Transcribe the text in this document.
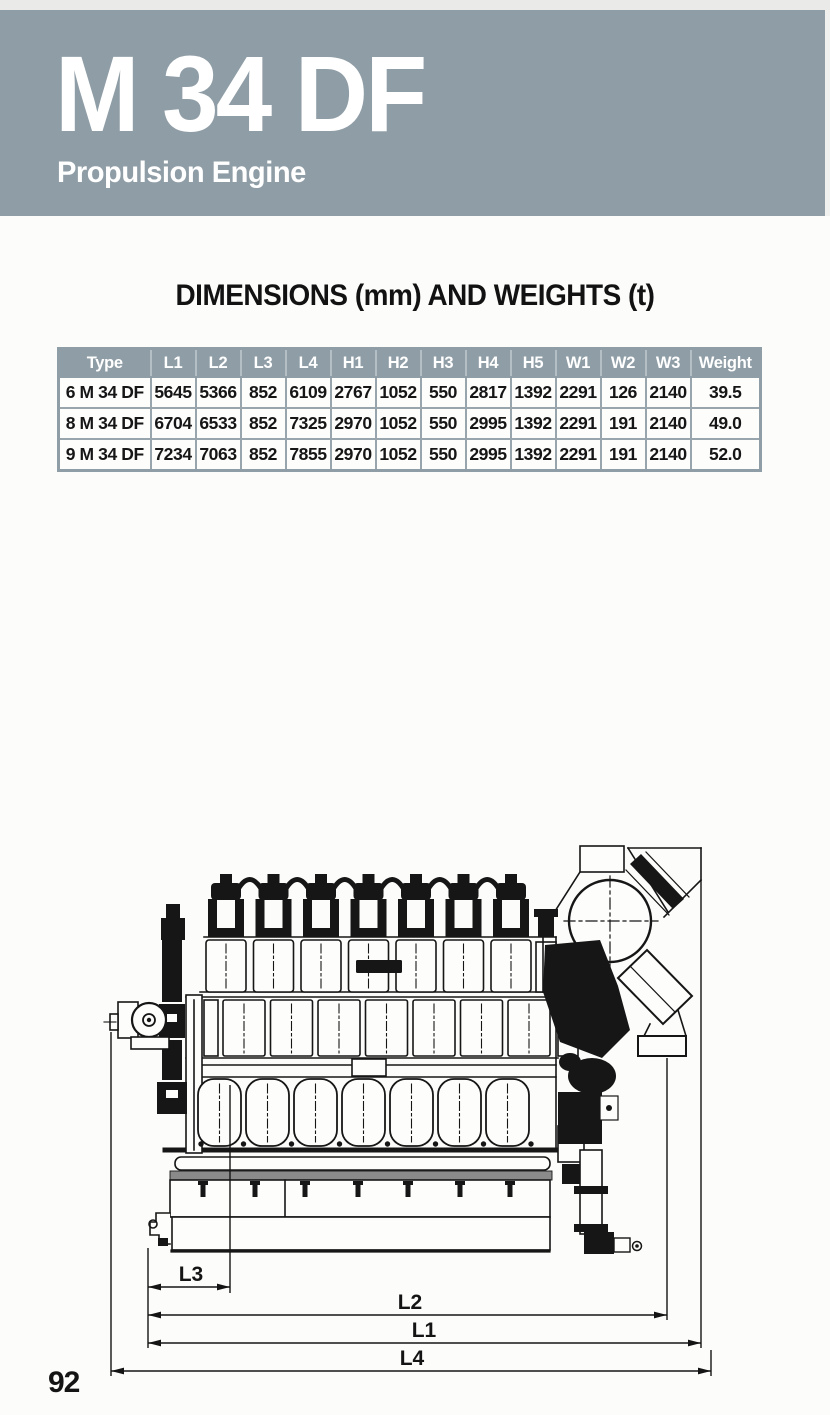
M 34 DF

Propulsion Engine

DIMENSIONS (mm) AND WEIGHTS (t)
Type	L1	L2	L3	L4	H1	H2	H3	H4	H5	W1	W2	W3	Weight
6 M 34 DF	5645	5366	852	6109	2767	1052	550	2817	1392	2291	126	2140	39.5
8 M 34 DF	6704	6533	852	7325	2970	1052	550	2995	1392	2291	191	2140	49.0
9 M 34 DF	7234	7063	852	7855	2970	1052	550	2995	1392	2291	191	2140	52.0
L3
L2
L1
L4
92
